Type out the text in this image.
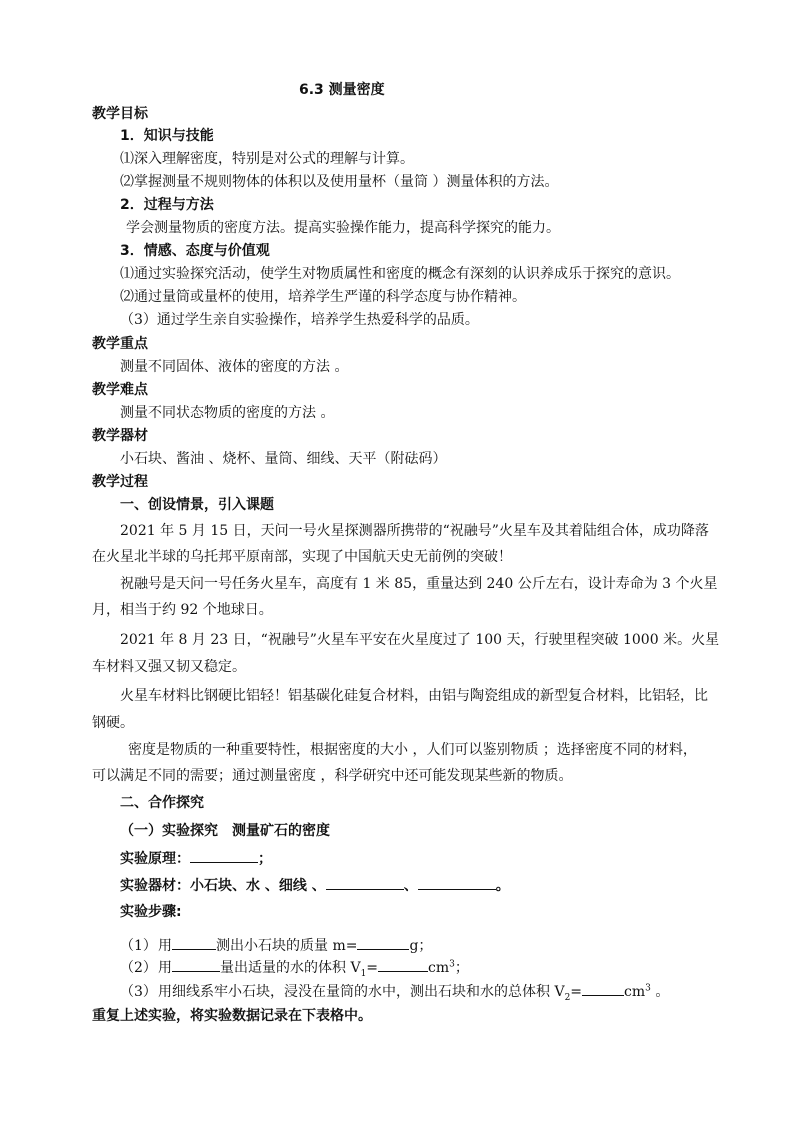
6.3 测量密度
教学目标
1．知识与技能
⑴深入理解密度，特别是对公式的理解与计算。
⑵掌握测量不规则物体的体积以及使用量杯（量筒 ）测量体积的方法。
2．过程与方法
学会测量物质的密度方法。提高实验操作能力，提高科学探究的能力。
3．情感、态度与价值观
⑴通过实验探究活动，使学生对物质属性和密度的概念有深刻的认识养成乐于探究的意识。
⑵通过量筒或量杯的使用，培养学生严谨的科学态度与协作精神。
（3）通过学生亲自实验操作，培养学生热爱科学的品质。
教学重点
测量不同固体、液体的密度的方法 。
教学难点
测量不同状态物质的密度的方法 。
教学器材
小石块、酱油 、烧杯、量筒、细线、天平（附砝码）
教学过程
一、创设情景，引入课题
2021 年 5 月 15 日，天问一号火星探测器所携带的“祝融号”火星车及其着陆组合体，成功降落
在火星北半球的乌托邦平原南部，实现了中国航天史无前例的突破！
祝融号是天问一号任务火星车，高度有 1 米 85，重量达到 240 公斤左右，设计寿命为 3 个火星
月，相当于约 92 个地球日。
2021 年 8 月 23 日，“祝融号”火星车平安在火星度过了 100 天，行驶里程突破 1000 米。火星
车材料又强又韧又稳定。
火星车材料比钢硬比铝轻！铝基碳化硅复合材料，由铝与陶瓷组成的新型复合材料，比铝轻，比
钢硬。
密度是物质的一种重要特性，根据密度的大小 ，人们可以鉴别物质 ；选择密度不同的材料，
可以满足不同的需要；通过测量密度 ，科学研究中还可能发现某些新的物质。
二、合作探究
（一）实验探究　测量矿石的密度
实验原理：	；
实验器材：小石块、水 、细线 、	、	。
实验步骤:
（1）用	测出小石块的质量 m=	g；
（2）用	量出适量的水的体积 $V_1=$	$cm^3$；
（3）用细线系牢小石块，浸没在量筒的水中，测出石块和水的总体积 $V_2=$	$cm^3$ 。
重复上述实验，将实验数据记录在下表格中。
